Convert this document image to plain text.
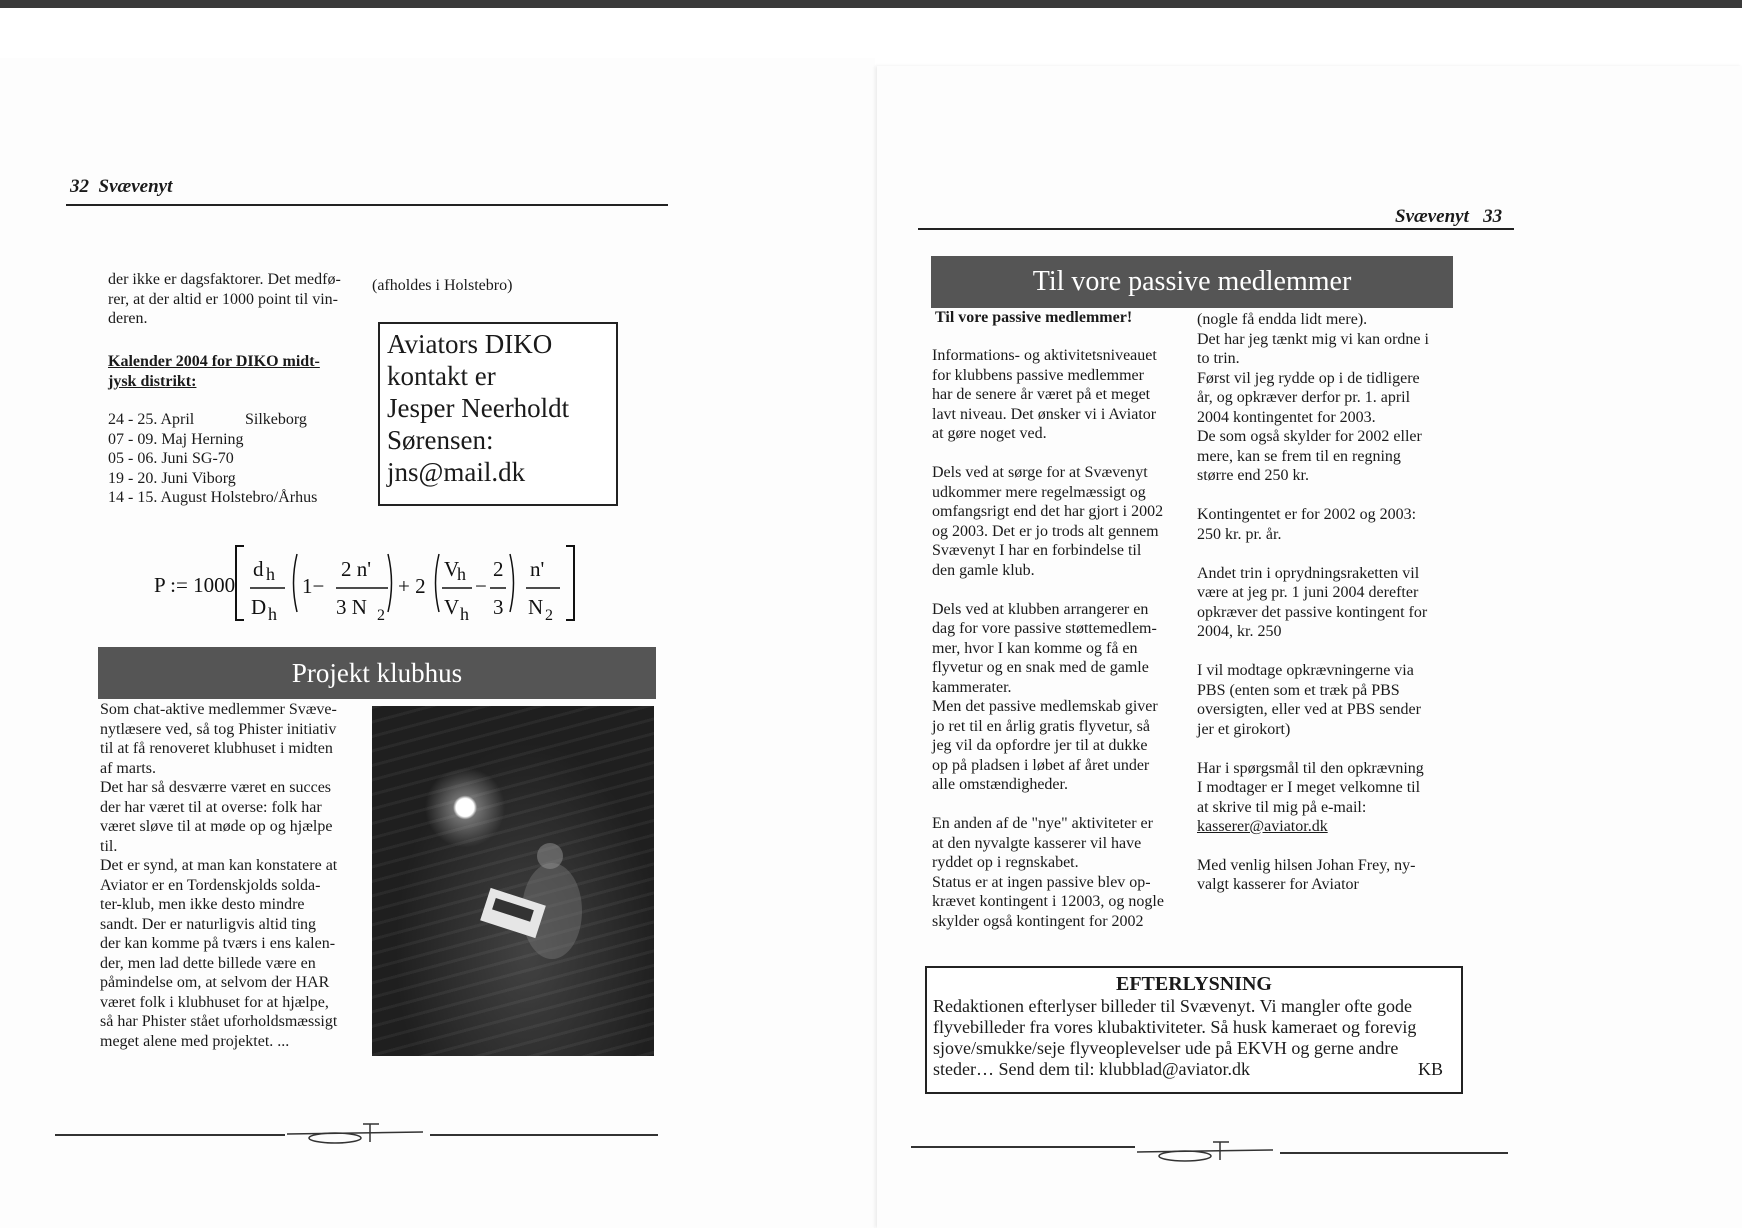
32 Svævenyt

der ikke er dagsfaktorer. Det medfø-
rer, at der altid er 1000 point til vin-
deren.

(afholdes i Holstebro)
Kalender 2004 for DIKO midt-
jysk distrikt:
24 - 25. April	Silkeborg
07 - 09. Maj Herning
05 - 06. Juni SG-70
19 - 20. Juni Viborg
14 - 15. August Holstebro/Århus
Aviators DIKO
kontakt er
Jesper Neerholdt
Sørensen:
jns@mail.dk
P := 1000
d h
D h
1−
2 n'
3 N 2
+ 2
V
h
V h
−
2
3
n'
N 2
Projekt klubhus

Som chat-aktive medlemmer Svæve-
nytlæsere ved, så tog Phister initiativ
til at få renoveret klubhuset i midten
af marts.
Det har så desværre været en succes
der har været til at overse: folk har
været sløve til at møde op og hjælpe
til.
Det er synd, at man kan konstatere at
Aviator er en Tordenskjolds solda-
ter-klub, men ikke desto mindre
sandt. Der er naturligvis altid ting
der kan komme på tværs i ens kalen-
der, men lad dette billede være en
påmindelse om, at selvom der HAR
været folk i klubhuset for at hjælpe,
så har Phister stået uforholdsmæssigt
meget alene med projektet. ...

Svævenyt 33
Til vore passive medlemmer
Til vore passive medlemmer!

Informations- og aktivitetsniveauet
for klubbens passive medlemmer
har de senere år været på et meget
lavt niveau. Det ønsker vi i Aviator
at gøre noget ved.

Dels ved at sørge for at Svævenyt
udkommer mere regelmæssigt og
omfangsrigt end det har gjort i 2002
og 2003. Det er jo trods alt gennem
Svævenyt I har en forbindelse til
den gamle klub.

Dels ved at klubben arrangerer en
dag for vore passive støttemedlem-
mer, hvor I kan komme og få en
flyvetur og en snak med de gamle
kammerater.
Men det passive medlemskab giver
jo ret til en årlig gratis flyvetur, så
jeg vil da opfordre jer til at dukke
op på pladsen i løbet af året under
alle omstændigheder.

En anden af de "nye" aktiviteter er
at den nyvalgte kasserer vil have
ryddet op i regnskabet.
Status er at ingen passive blev op-
krævet kontingent i 12003, og nogle
skylder også kontingent for 2002

(nogle få endda lidt mere).
Det har jeg tænkt mig vi kan ordne i
to trin.
Først vil jeg rydde op i de tidligere
år, og opkræver derfor pr. 1. april
2004 kontingentet for 2003.
De som også skylder for 2002 eller
mere, kan se frem til en regning
større end 250 kr.

Kontingentet er for 2002 og 2003:
250 kr. pr. år.

Andet trin i oprydningsraketten vil
være at jeg pr. 1 juni 2004 derefter
opkræver det passive kontingent for
2004, kr. 250

I vil modtage opkrævningerne via
PBS (enten som et træk på PBS
oversigten, eller ved at PBS sender
jer et girokort)

Har i spørgsmål til den opkrævning
I modtager er I meget velkomne til
at skrive til mig på e-mail:

kasserer@aviator.dk

Med venlig hilsen Johan Frey, ny-
valgt kasserer for Aviator

EFTERLYSNING

Redaktionen efterlyser billeder til Svævenyt. Vi mangler ofte gode
flyvebilleder fra vores klubaktiviteter. Så husk kameraet og forevig
sjove/smukke/seje flyveoplevelser ude på EKVH og gerne andre

steder… Send dem til: klubblad@aviator.dk	KB
